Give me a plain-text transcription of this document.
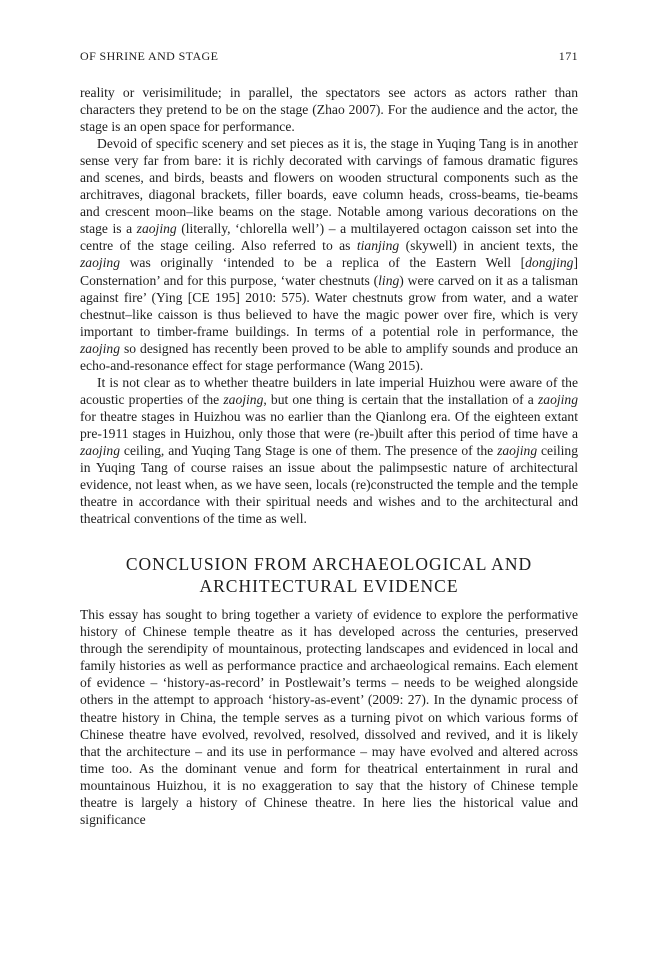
OF SHRINE AND STAGE	171

reality or verisimilitude; in parallel, the spectators see actors as actors rather than characters they pretend to be on the stage (Zhao 2007). For the audience and the actor, the stage is an open space for performance.

Devoid of specific scenery and set pieces as it is, the stage in Yuqing Tang is in another sense very far from bare: it is richly decorated with carvings of famous dramatic figures and scenes, and birds, beasts and flowers on wooden structural components such as the architraves, diagonal brackets, filler boards, eave column heads, cross-beams, tie-beams and crescent moon–like beams on the stage. Notable among various decorations on the stage is a zaojing (literally, ‘chlorella well’) – a multilayered octagon caisson set into the centre of the stage ceiling. Also referred to as tianjing (skywell) in ancient texts, the zaojing was originally ‘intended to be a replica of the Eastern Well [dongjing] Consternation’ and for this purpose, ‘water chestnuts (ling) were carved on it as a talisman against fire’ (Ying [CE 195] 2010: 575). Water chestnuts grow from water, and a water chestnut–like caisson is thus believed to have the magic power over fire, which is very important to timber-frame buildings. In terms of a potential role in performance, the zaojing so designed has recently been proved to be able to amplify sounds and produce an echo-and-resonance effect for stage performance (Wang 2015).

It is not clear as to whether theatre builders in late imperial Huizhou were aware of the acoustic properties of the zaojing, but one thing is certain that the installation of a zaojing for theatre stages in Huizhou was no earlier than the Qianlong era. Of the eighteen extant pre-1911 stages in Huizhou, only those that were (re-)built after this period of time have a zaojing ceiling, and Yuqing Tang Stage is one of them. The presence of the zaojing ceiling in Yuqing Tang of course raises an issue about the palimpsestic nature of architectural evidence, not least when, as we have seen, locals (re)constructed the temple and the temple theatre in accordance with their spiritual needs and wishes and to the architectural and theatrical conventions of the time as well.

CONCLUSION FROM ARCHAEOLOGICAL AND
ARCHITECTURAL EVIDENCE

This essay has sought to bring together a variety of evidence to explore the performative history of Chinese temple theatre as it has developed across the centuries, preserved through the serendipity of mountainous, protecting landscapes and evidenced in local and family histories as well as performance practice and archaeological remains. Each element of evidence – ‘history-as-record’ in Postlewait’s terms – needs to be weighed alongside others in the attempt to approach ‘history-as-event’ (2009: 27). In the dynamic process of theatre history in China, the temple serves as a turning pivot on which various forms of Chinese theatre have evolved, revolved, resolved, dissolved and revived, and it is likely that the architecture – and its use in performance – may have evolved and altered across time too. As the dominant venue and form for theatrical entertainment in rural and mountainous Huizhou, it is no exaggeration to say that the history of Chinese temple theatre is largely a history of Chinese theatre. In here lies the historical value and significance
